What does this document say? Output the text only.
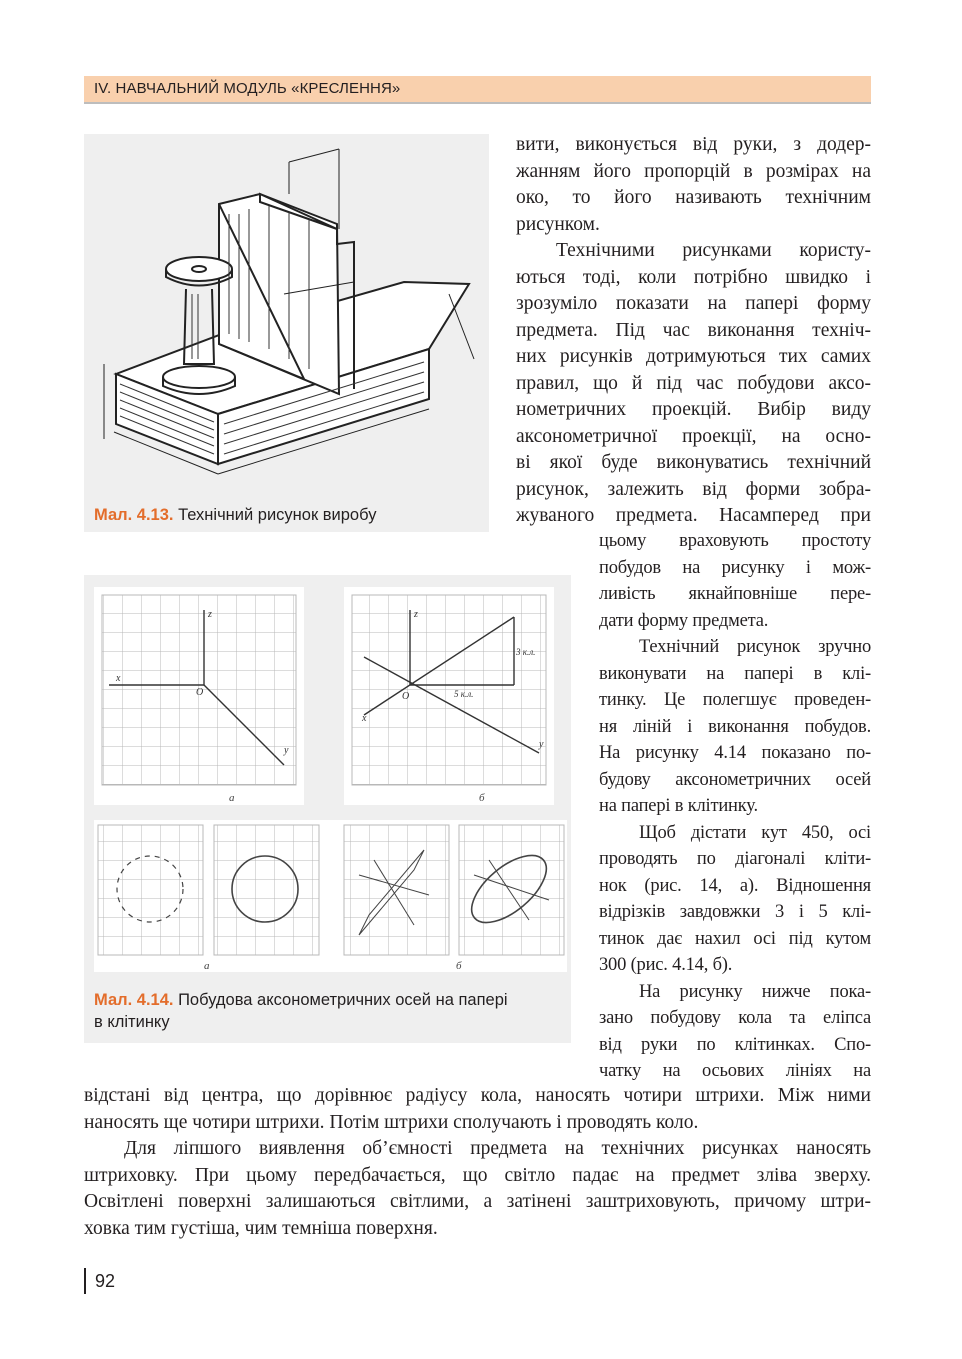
IV. НАВЧАЛЬНИЙ МОДУЛЬ «КРЕСЛЕННЯ»
Мал. 4.13. Технічний рисунок виробу
z
x
O
y
а
z
x
O
y
3 к.л.
5 к.л.
б
а	б
Мал. 4.14. Побудова аксонометричних осей на папері
в клітинку
вити, виконується від руки, з додер-
жанням його пропорцій в розмірах на
око, то його називають технічним
рисунком.
Технічними рисунками користу-
ються тоді, коли потрібно швидко і
зрозуміло показати на папері форму
предмета. Під час виконання техніч-
них рисунків дотримуються тих самих
правил, що й під час побудови аксо-
нометричних проекцій. Вибір виду
аксонометричної проекції, на осно-
ві якої буде виконуватись технічний
рисунок, залежить від форми зобра-
жуваного предмета. Насамперед при
цьому враховують простоту
побудов на рисунку і мож-
ливість якнайповніше пере-
дати форму предмета.
Технічний рисунок зручно
виконувати на папері в клі-
тинку. Це полегшує проведен-
ня ліній і виконання побудов.
На рисунку 4.14 показано по-
будову аксонометричних осей
на папері в клітинку.
Щоб дістати кут 450, осі
проводять по діагоналі кліти-
нок (рис. 14, а). Відношення
відрізків завдовжки 3 і 5 клі-
тинок дає нахил осі під кутом
300 (рис. 4.14, б).
На рисунку нижче пока-
зано побудову кола та еліпса
від руки по клітинках. Спо-
чатку на осьових лініях на
відстані від центра, що дорівнює радіусу кола, наносять чотири штрихи. Між ними
наносять ще чотири штрихи. Потім штрихи сполучають і проводять коло.
Для ліпшого виявлення об’ємності предмета на технічних рисунках наносять
штриховку. При цьому передбачається, що світло падає на предмет зліва зверху.
Освітлені поверхні залишаються світлими, а затінені заштриховують, причому штри-
ховка тим густіша, чим темніша поверхня.
92
